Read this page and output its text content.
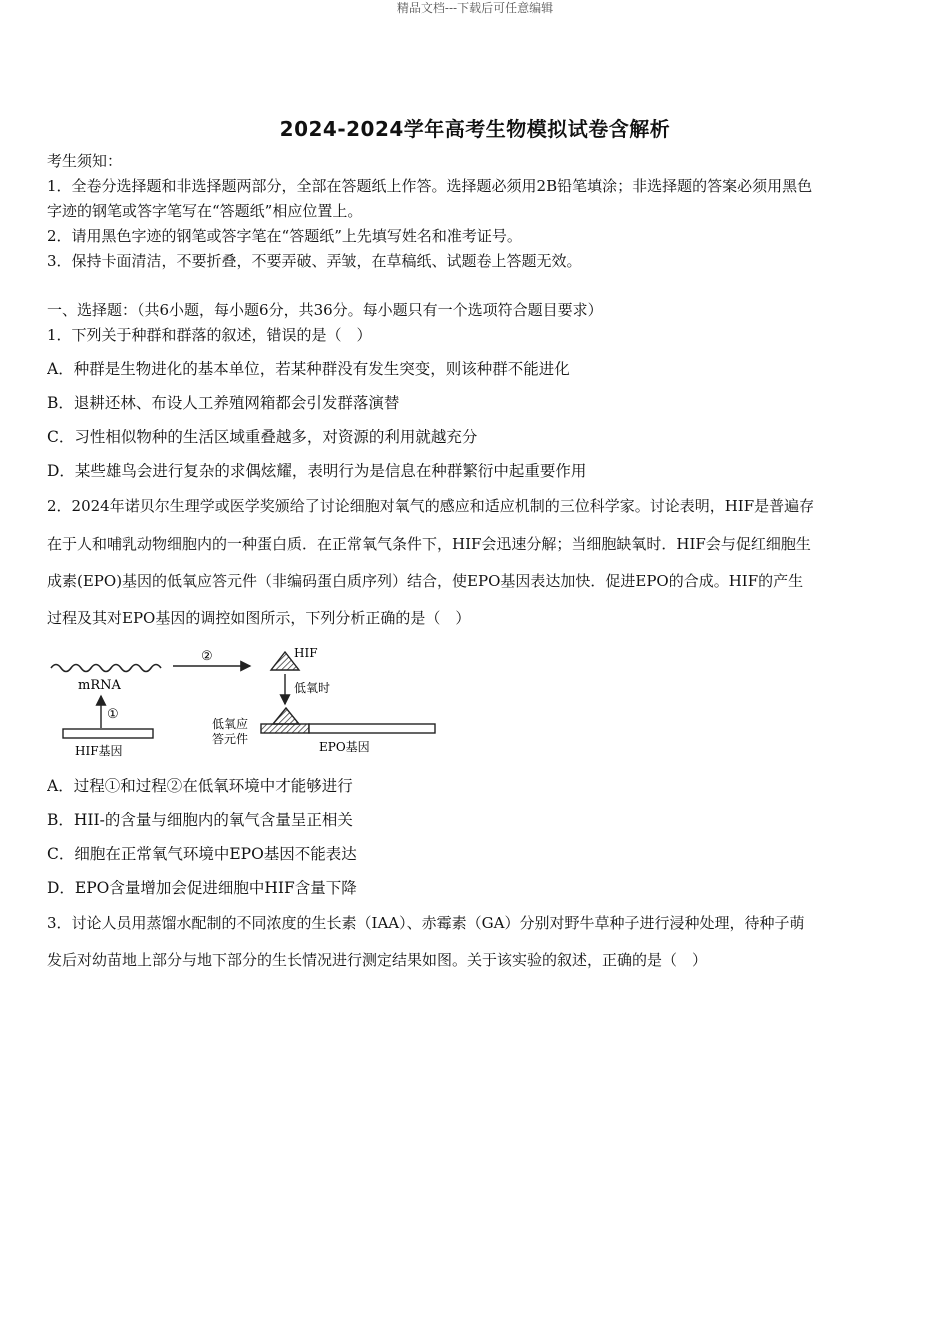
精品文档---下载后可任意编辑
2024-2024学年高考生物模拟试卷含解析
考生须知：
1．全卷分选择题和非选择题两部分，全部在答题纸上作答。选择题必须用2B铅笔填涂；非选择题的答案必须用黑色
字迹的钢笔或答字笔写在“答题纸”相应位置上。
2．请用黑色字迹的钢笔或答字笔在“答题纸”上先填写姓名和准考证号。
3．保持卡面清洁，不要折叠，不要弄破、弄皱，在草稿纸、试题卷上答题无效。
一、选择题：（共6小题，每小题6分，共36分。每小题只有一个选项符合题目要求）
1．下列关于种群和群落的叙述，错误的是（　）
A．种群是生物进化的基本单位，若某种群没有发生突变，则该种群不能进化
B．退耕还林、布设人工养殖网箱都会引发群落演替
C．习性相似物种的生活区域重叠越多，对资源的利用就越充分
D．某些雄鸟会进行复杂的求偶炫耀，表明行为是信息在种群繁衍中起重要作用
2．2024年诺贝尔生理学或医学奖颁给了讨论细胞对氧气的感应和适应机制的三位科学家。讨论表明，HIF是普遍存
在于人和哺乳动物细胞内的一种蛋白质．在正常氧气条件下，HIF会迅速分解；当细胞缺氧时．HIF会与促红细胞生
成素(EPO)基因的低氧应答元件（非编码蛋白质序列）结合，使EPO基因表达加快．促进EPO的合成。HIF的产生
过程及其对EPO基因的调控如图所示，下列分析正确的是（　）
mRNA
①
HIF基因
②	HIF
低氧时
低氧应
答元件
EPO基因
A．过程①和过程②在低氧环境中才能够进行
B．HII-的含量与细胞内的氧气含量呈正相关
C．细胞在正常氧气环境中EPO基因不能表达
D．EPO含量增加会促进细胞中HIF含量下降
3．讨论人员用蒸馏水配制的不同浓度的生长素（IAA）、赤霉素（GA）分别对野牛草种子进行浸种处理，待种子萌
发后对幼苗地上部分与地下部分的生长情况进行测定结果如图。关于该实验的叙述，正确的是（　）
